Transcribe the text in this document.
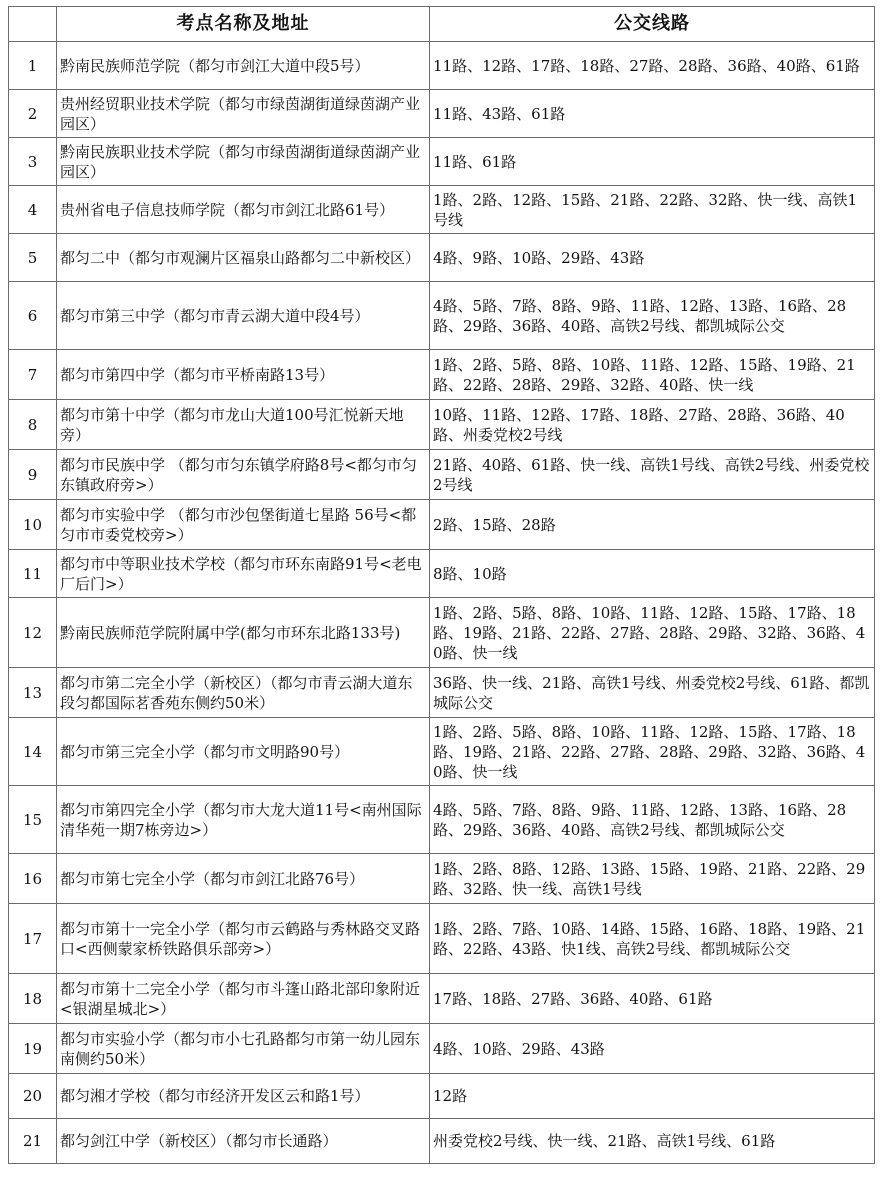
	考点名称及地址	公交线路
1	黔南民族师范学院（都匀市剑江大道中段5号）	11路、12路、17路、18路、27路、28路、36路、40路、61路
2	贵州经贸职业技术学院（都匀市绿茵湖街道绿茵湖产业园区）	11路、43路、61路
3	黔南民族职业技术学院（都匀市绿茵湖街道绿茵湖产业园区）	11路、61路
4	贵州省电子信息技师学院（都匀市剑江北路61号）	1路、2路、12路、15路、21路、22路、32路、快一线、高铁1号线
5	都匀二中（都匀市观澜片区福泉山路都匀二中新校区）	4路、9路、10路、29路、43路
6	都匀市第三中学（都匀市青云湖大道中段4号）	4路、5路、7路、8路、9路、11路、12路、13路、16路、28路、29路、36路、40路、高铁2号线、都凯城际公交
7	都匀市第四中学（都匀市平桥南路13号）	1路、2路、5路、8路、10路、11路、12路、15路、19路、21路、22路、28路、29路、32路、40路、快一线
8	都匀市第十中学（都匀市龙山大道100号汇悦新天地旁）	10路、11路、12路、17路、18路、27路、28路、36路、40路、州委党校2号线
9	都匀市民族中学 （都匀市匀东镇学府路8号<都匀市匀东镇政府旁>）	21路、40路、61路、快一线、高铁1号线、高铁2号线、州委党校2号线
10	都匀市实验中学 （都匀市沙包堡街道七星路 56号<都匀市市委党校旁>）	2路、15路、28路
11	都匀市中等职业技术学校（都匀市环东南路91号<老电厂后门>）	8路、10路
12	黔南民族师范学院附属中学(都匀市环东北路133号)	1路、2路、5路、8路、10路、11路、12路、15路、17路、18路、19路、21路、22路、27路、28路、29路、32路、36路、40路、快一线
13	都匀市第二完全小学（新校区）（都匀市青云湖大道东段匀都国际茗香苑东侧约50米）	36路、快一线、21路、高铁1号线、州委党校2号线、61路、都凯城际公交
14	都匀市第三完全小学（都匀市文明路90号）	1路、2路、5路、8路、10路、11路、12路、15路、17路、18路、19路、21路、22路、27路、28路、29路、32路、36路、40路、快一线
15	都匀市第四完全小学（都匀市大龙大道11号<南州国际清华苑一期7栋旁边>）	4路、5路、7路、8路、9路、11路、12路、13路、16路、28路、29路、36路、40路、高铁2号线、都凯城际公交
16	都匀市第七完全小学（都匀市剑江北路76号）	1路、2路、8路、12路、13路、15路、19路、21路、22路、29路、32路、快一线、高铁1号线
17	都匀市第十一完全小学（都匀市云鹤路与秀林路交叉路口<西侧蒙家桥铁路俱乐部旁>）	1路、2路、7路、10路、14路、15路、16路、18路、19路、21路、22路、43路、快1线、高铁2号线、都凯城际公交
18	都匀市第十二完全小学（都匀市斗篷山路北部印象附近<银湖星城北>）	17路、18路、27路、36路、40路、61路
19	都匀市实验小学（都匀市小七孔路都匀市第一幼儿园东南侧约50米）	4路、10路、29路、43路
20	都匀湘才学校（都匀市经济开发区云和路1号）	12路
21	都匀剑江中学（新校区）（都匀市长通路）	州委党校2号线、快一线、21路、高铁1号线、61路
